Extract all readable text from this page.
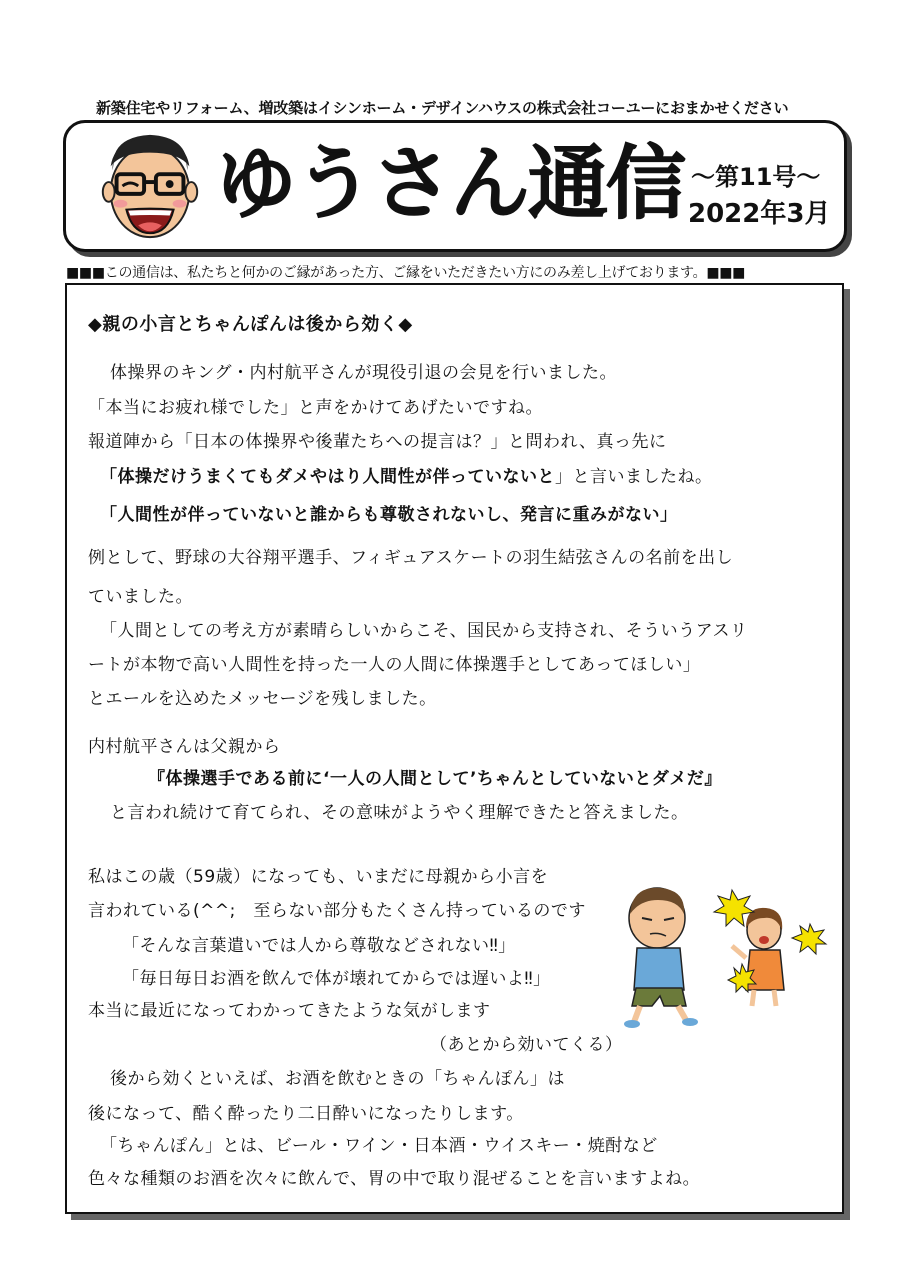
新築住宅やリフォーム、増改築はイシンホーム・デザインハウスの株式会社コーユーにおまかせください
ゆうさん通信 ～第11号～
2022年3月
■■■この通信は、私たちと何かのご縁があった方、ご縁をいただきたい方にのみ差し上げております。■■■
◆親の小言とちゃんぽんは後から効く◆
体操界のキング・内村航平さんが現役引退の会見を行いました。
「本当にお疲れ様でした」と声をかけてあげたいですね。
報道陣から「日本の体操界や後輩たちへの提言は？」と問われ、真っ先に
「体操だけうまくてもダメやはり人間性が伴っていないと」と言いましたね。
「人間性が伴っていないと誰からも尊敬されないし、発言に重みがない」
例として、野球の大谷翔平選手、フィギュアスケートの羽生結弦さんの名前を出し
ていました。
「人間としての考え方が素晴らしいからこそ、国民から支持され、そういうアスリ
ートが本物で高い人間性を持った一人の人間に体操選手としてあってほしい」
とエールを込めたメッセージを残しました。
内村航平さんは父親から
『体操選手である前に‘一人の人間として’ちゃんとしていないとダメだ』
と言われ続けて育てられ、その意味がようやく理解できたと答えました。
私はこの歳（59歳）になっても、いまだに母親から小言を
言われている(^^;　至らない部分もたくさん持っているのです
「そんな言葉遣いでは人から尊敬などされない‼」
「毎日毎日お酒を飲んで体が壊れてからでは遅いよ‼」
本当に最近になってわかってきたような気がします
（あとから効いてくる）
後から効くといえば、お酒を飲むときの「ちゃんぽん」は
後になって、酷く酔ったり二日酔いになったりします。
「ちゃんぽん」とは、ビール・ワイン・日本酒・ウイスキー・焼酎など
色々な種類のお酒を次々に飲んで、胃の中で取り混ぜることを言いますよね。
